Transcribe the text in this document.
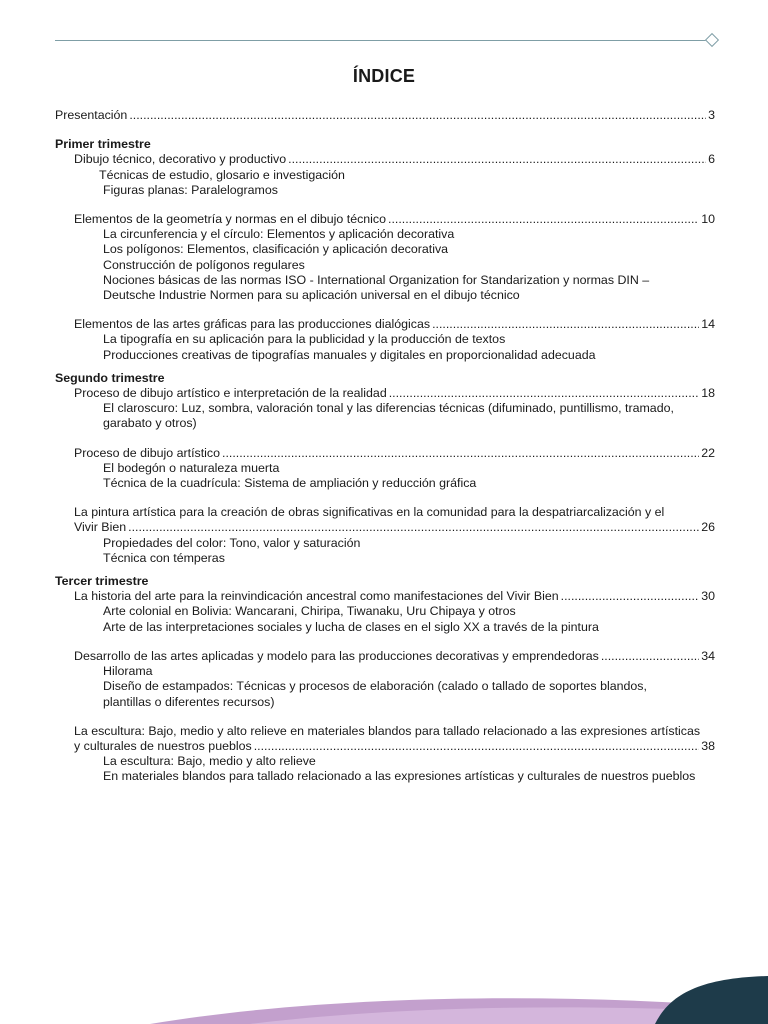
ÍNDICE
Presentación .....	3
Primer trimestre
Dibujo técnico, decorativo y productivo .....	6
Técnicas de estudio, glosario e investigación
Figuras planas: Paralelogramos
Elementos de la geometría y normas en el dibujo técnico .....	10
La circunferencia y el círculo: Elementos y aplicación decorativa
Los polígonos: Elementos, clasificación y aplicación decorativa
Construcción de polígonos regulares
Nociones básicas de las normas ISO - International Organization for Standarization y normas DIN – Deutsche Industrie Normen para su aplicación universal en el dibujo técnico
Elementos de las artes gráficas para las producciones dialógicas .....	14
La tipografía en su aplicación para la publicidad y la producción de textos
Producciones creativas de tipografías manuales y digitales en proporcionalidad adecuada
Segundo trimestre
Proceso de dibujo artístico e interpretación de la realidad .....	18
El claroscuro: Luz, sombra, valoración tonal y las diferencias técnicas (difuminado, puntillismo, tramado, garabato y otros)
Proceso de dibujo artístico .....	22
El bodegón o naturaleza muerta
Técnica de la cuadrícula: Sistema de ampliación y reducción gráfica
La pintura artística para la creación de obras significativas en la comunidad para la despatriarcalización y el
Vivir Bien .....	26
Propiedades del color: Tono, valor y saturación
Técnica con témperas
Tercer trimestre
La historia del arte para la reinvindicación ancestral como manifestaciones del Vivir Bien .....	30
Arte colonial en Bolivia: Wancarani, Chiripa, Tiwanaku, Uru Chipaya y otros
Arte de las interpretaciones sociales y lucha de clases en el siglo XX a través de la pintura
Desarrollo de las artes aplicadas y modelo para las producciones decorativas y emprendedoras .....	34
Hilorama
Diseño de estampados: Técnicas y procesos de elaboración (calado o tallado de soportes blandos, plantillas o diferentes recursos)
La escultura: Bajo, medio y alto relieve en materiales blandos para tallado relacionado a las expresiones artísticas
y culturales de nuestros pueblos .....	38
La escultura: Bajo, medio y alto relieve
En materiales blandos para tallado relacionado a las expresiones artísticas y culturales de nuestros pueblos
